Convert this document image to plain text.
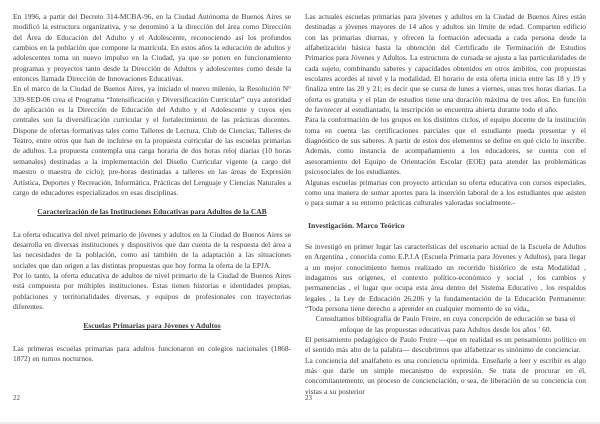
En 1996, a partir del Decreto 314-MCBA-96, en la Ciudad Autónoma de Buenos Aires se modificó la estructura organizativa, y se denominó a la dirección del área como Dirección del Área de Educación del Adulto y el Adolescente, reconociendo así los profundos cambios en la población que compone la matrícula. En estos años la educación de adultos y adolescentes toma un nuevo impulso en la Ciudad, ya que se ponen en funcionamiento programas y proyectos tanto desde la Dirección de Adultos y adolescentes como desde la entonces llamada Dirección de Innovaciones Educativas.

En el marco de la Ciudad de Buenos Aires, ya iniciado el nuevo milenio, la Resolución N° 339-SED-06 crea el Programa “Intensificación y Diversificación Curricular” cuya autoridad de aplicación es la Dirección de Educación del Adulto y el Adolescente y cuyos ejes centrales son la diversificación curricular y el fortalecimiento de las prácticas docentes. Dispone de ofertas formativas tales como Talleres de Lectura, Club de Ciencias, Talleres de Teatro, entre otros que han de incluirse en la propuesta curricular de las escuelas primarias de adultos. La propuesta contempla una carga horaria de dos horas reloj diarias (10 horas semanales) destinadas a la implementación del Diseño Curricular vigente (a cargo del maestro o maestra de ciclo); pre-horas destinadas a talleres en las áreas de Expresión Artística, Deportes y Recreación, Informática, Prácticas del Lenguaje y Ciencias Naturales a cargo de educadores especializados en esas disciplinas.

Caracterización de las Instituciones Educativas para Adultos de la CAB

La oferta educativa del nivel primario de jóvenes y adultos en la Ciudad de Buenos Aires se desarrolla en diversas instituciones y dispositivos que dan cuenta de la respuesta del área a las necesidades de la población, como así también de la adaptación a las situaciones sociales que dan origen a las distintas propuestas que hoy forma la oferta de la EPJA.

Por lo tanto, la oferta educativa de adultos de nivel primario de la Ciudad de Buenos Aires está compuesta por múltiples instituciones. Estas tienen historias e identidades propias, poblaciones y territorialidades diversas, y equipos de profesionales con trayectorias diferentes.

Escuelas Primarias para Jóvenes y Adultos

Las primeras escuelas primarias para adultos funcionaron en colegios nacionales (1868-1872) en turnos nocturnos.

22

Las actuales escuelas primarias para jóvenes y adultos en la Ciudad de Buenos Aires están destinadas a jóvenes mayores de 14 años y adultos sin límite de edad. Comparten edificio con las primarias diurnas, y ofrecen la formación adecuada a cada persona desde la alfabetización básica hasta la obtención del Certificado de Terminación de Estudios Primarios para Jóvenes y Adultos. La estructura de cursada se ajusta a las particularidades de cada sujeto, combinando saberes y capacidades obtenidos en otros ámbitos, con propuestas escolares acordes al nivel y la modalidad. El horario de esta oferta inicia entre las 18 y 19 y finaliza entre las 20 y 21; es decir que se cursa de lunes a viernes, unas tres horas diarias. La oferta es gratuita y el plan de estudios tiene una duración máxima de tres años. En función de favorecer al estudiantado, la inscripción se encuentra abierta durante todo el año.

Para la conformación de los grupos en los distintos ciclos, el equipo docente de la institución toma en cuenta las certificaciones parciales que el estudiante pueda presentar y el diagnóstico de sus saberes. A partir de estos dos elementos se define en qué ciclo lo inscribe. Además, como instancia de acompañamiento a los educadores, se cuenta con el asesoramiento del Equipo de Orientación Escolar (EOE) para atender las problemáticas psicosociales de los estudiantes.

Algunas escuelas primarias con proyecto articulan su oferta educativa con cursos especiales, como una manera de sumar aportes para la inserción laboral de a los estudiantes que asisten o para sumar a su entorno prácticas culturales valoradas socialmente.-

Investigación. Marco Teórico

Se investigó en primer lugar las características del escenario actual de la Escuela de Adultos en Argentina , conocida como E.P.J.A (Escuela Primaria para Jóvenes y Adultos), para llegar a un mejor conocimiento hemos realizado un recorrido histórico de esta Modalidad , indagamos sus orígenes, el contexto político-económico y social , los cambios y permanencias , el lugar que ocupa esta área dentro del Sistema Educativo , los respaldos legales , la Ley de Educación 26.206 y la fundamentación de la Educación Permanente: “Toda persona tiene derecho a aprender en cualquier momento de su vida„

Consultamos bibliografía de Paulo Freire, en cuya concepción de educación se basa el enfoque de las propuestas educativas para Adultos desde los años ' 60.

El pensamiento pedagógico de Paulo Freire —que en realidad es un pensamiento político en el sentido más alto de la palabra— descubrimos que alfabetizar es sinónimo de concienciar.

La conciencia del analfabeto es una conciencia oprimida. Enseñarle a leer y escribir es algo más que darle un simple mecanismo de expresión. Se trata de procurar en él, concomitantemente, un proceso de concienciación, o sea, de liberación de su conciencia con vistas a su posterior

23
